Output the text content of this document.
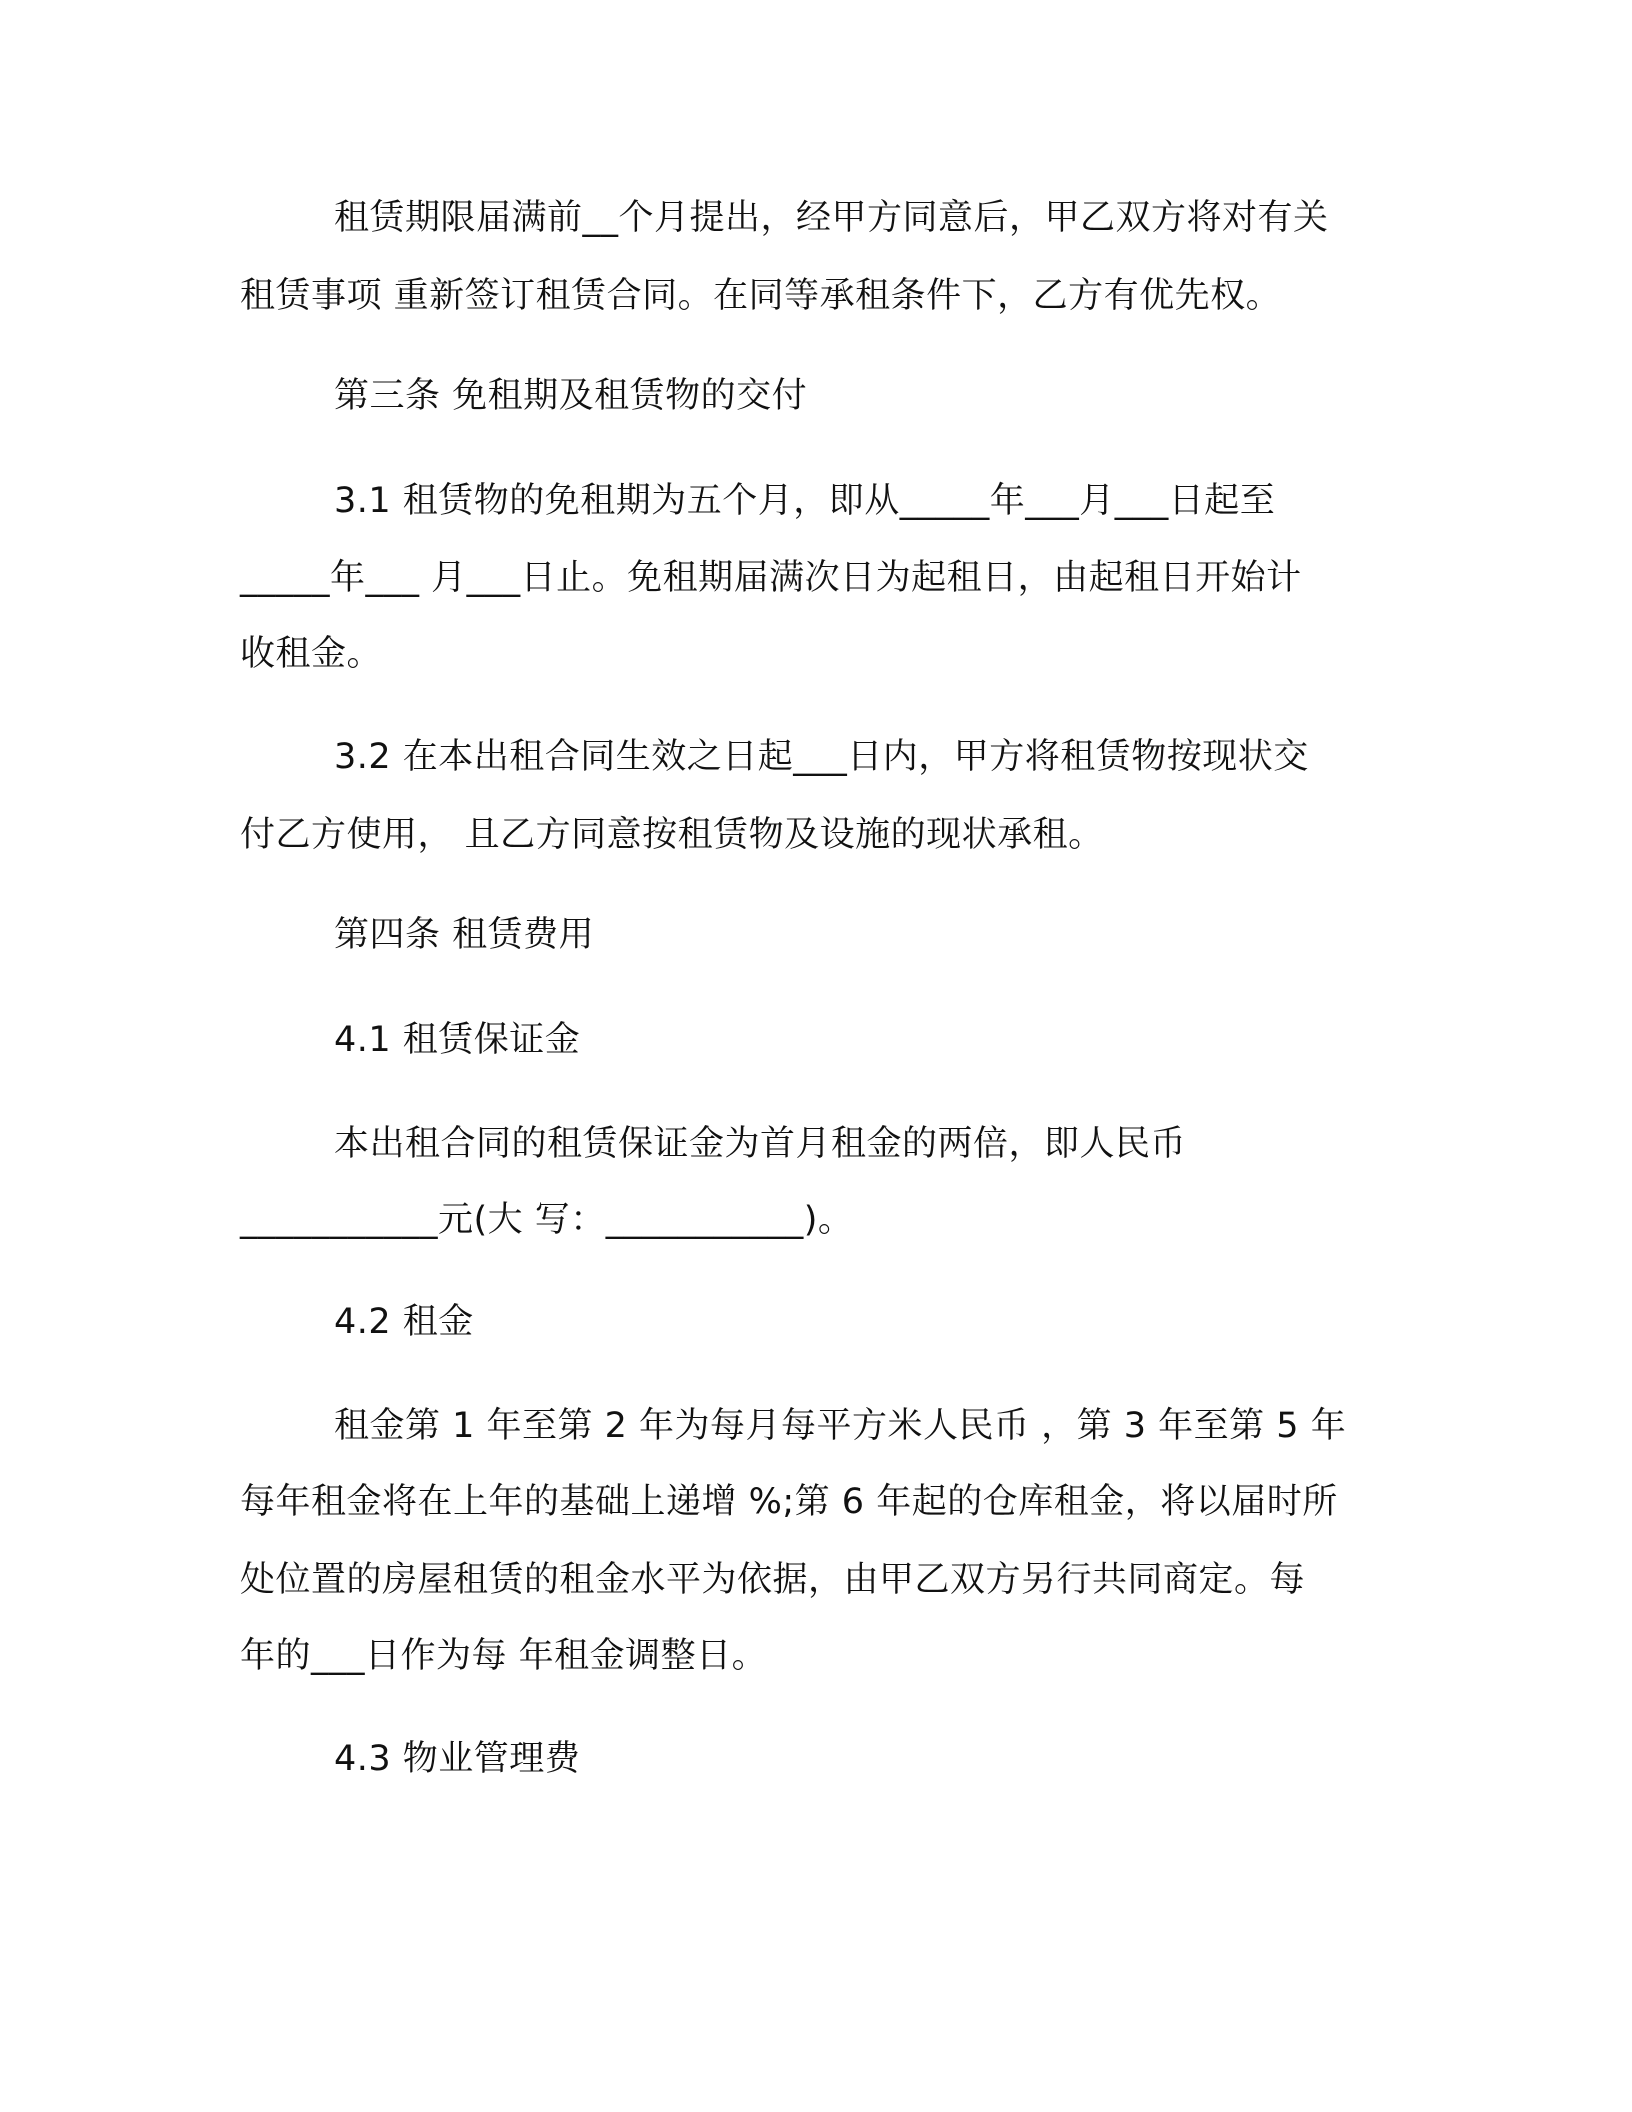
租赁期限届满前__个月提出，经甲方同意后，甲乙双方将对有关
租赁事项 重新签订租赁合同。在同等承租条件下，乙方有优先权。
第三条 免租期及租赁物的交付
3.1 租赁物的免租期为五个月，即从_____年___月___日起至
_____年___ 月___日止。免租期届满次日为起租日，由起租日开始计
收租金。
3.2 在本出租合同生效之日起___日内，甲方将租赁物按现状交
付乙方使用， 且乙方同意按租赁物及设施的现状承租。
第四条 租赁费用
4.1 租赁保证金
本出租合同的租赁保证金为首月租金的两倍，即人民币
___________元(大 写：___________)。
4.2 租金
租金第 1 年至第 2 年为每月每平方米人民币 ，第 3 年至第 5 年
每年租金将在上年的基础上递增 %;第 6 年起的仓库租金，将以届时所
处位置的房屋租赁的租金水平为依据，由甲乙双方另行共同商定。每
年的___日作为每 年租金调整日。
4.3 物业管理费
